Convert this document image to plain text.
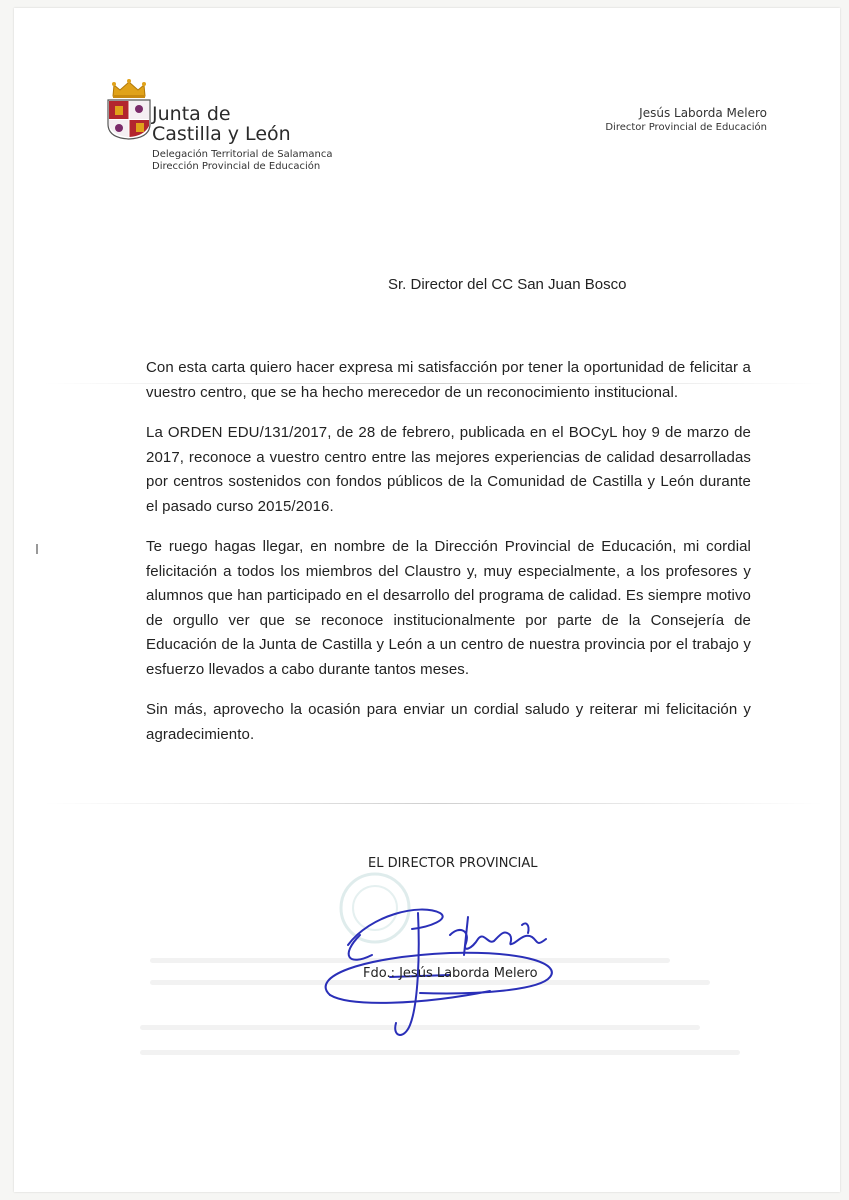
Junta de
Castilla y León
Delegación Territorial de Salamanca
Dirección Provincial de Educación
Jesús Laborda Melero
Director Provincial de Educación
Sr. Director del CC San Juan Bosco

Con esta carta quiero hacer expresa mi satisfacción por tener la oportunidad de felicitar a vuestro centro, que se ha hecho merecedor de un reconocimiento institucional.

La ORDEN EDU/131/2017, de 28 de febrero, publicada en el BOCyL hoy 9 de marzo de 2017, reconoce a vuestro centro entre las mejores experiencias de calidad desarrolladas por centros sostenidos con fondos públicos de la Comunidad de Castilla y León durante el pasado curso 2015/2016.

Te ruego hagas llegar, en nombre de la Dirección Provincial de Educación, mi cordial felicitación a todos los miembros del Claustro y, muy especialmente, a los profesores y alumnos que han participado en el desarrollo del programa de calidad. Es siempre motivo de orgullo ver que se reconoce institucionalmente por parte de la Consejería de Educación de la Junta de Castilla y León a un centro de nuestra provincia por el trabajo y esfuerzo llevados a cabo durante tantos meses.

Sin más, aprovecho la ocasión para enviar un cordial saludo y reiterar mi felicitación y agradecimiento.

EL DIRECTOR PROVINCIAL
Fdo.: Jesús Laborda Melero
